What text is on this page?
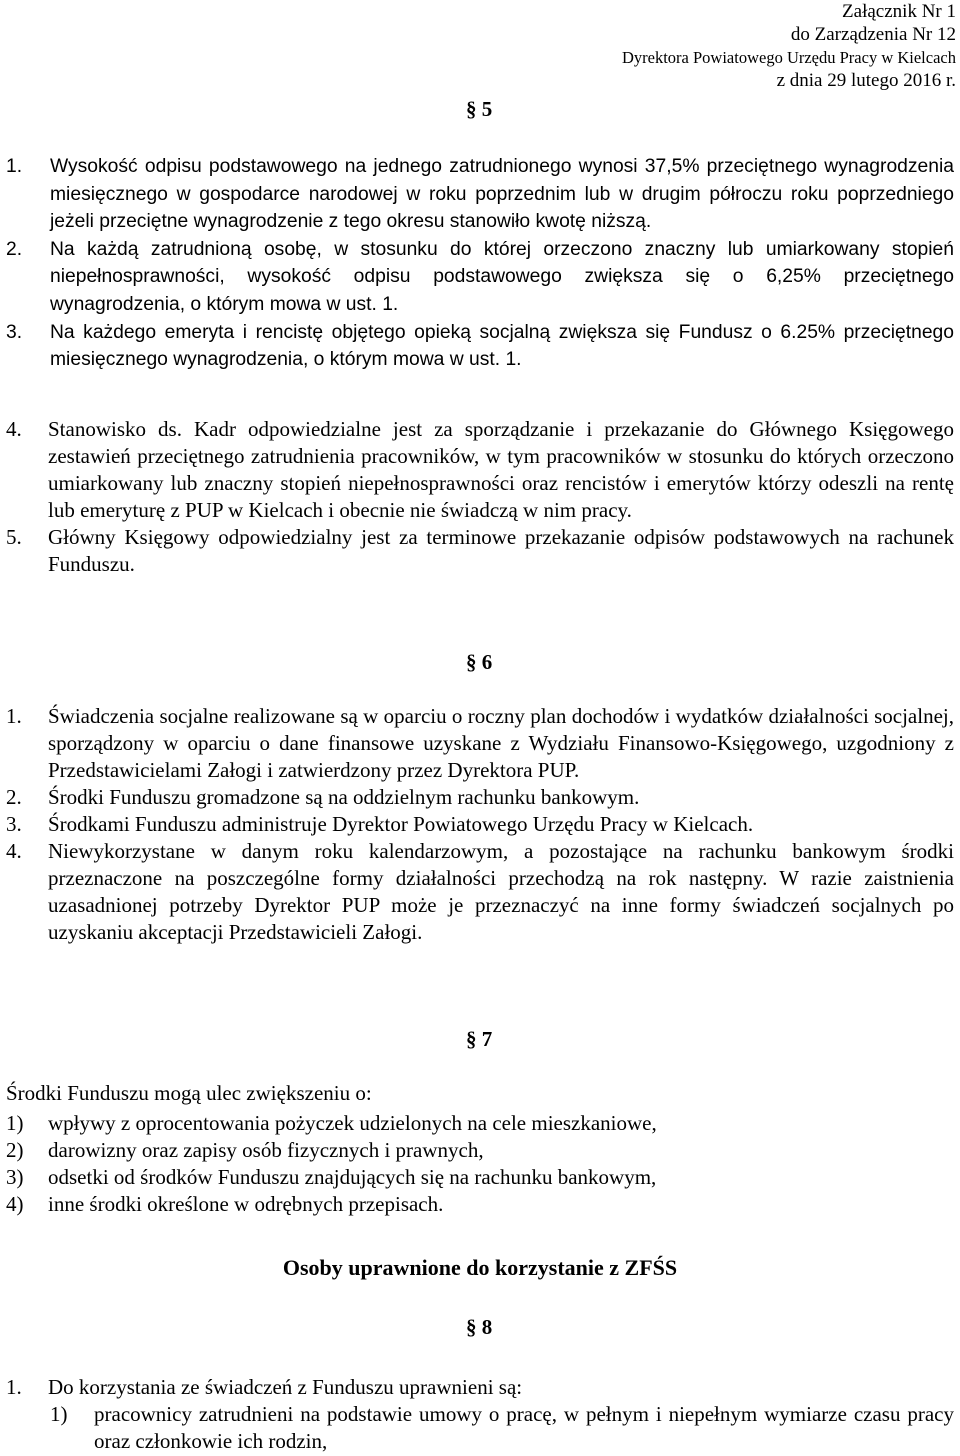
Załącznik Nr 1
do Zarządzenia Nr 12
Dyrektora Powiatowego Urzędu Pracy w Kielcach
z dnia 29 lutego 2016 r.
§ 5
1.	Wysokość odpisu podstawowego na jednego zatrudnionego wynosi 37,5% przeciętnego wynagrodzenia miesięcznego w gospodarce narodowej w roku poprzednim lub w drugim półroczu roku poprzedniego jeżeli przeciętne wynagrodzenie z tego okresu stanowiło kwotę niższą.
2.	Na każdą zatrudnioną osobę, w stosunku do której orzeczono znaczny lub umiarkowany stopień niepełnosprawności, wysokość odpisu podstawowego zwiększa się o 6,25% przeciętnego wynagrodzenia, o którym mowa w ust. 1.
3.	Na każdego emeryta i rencistę objętego opieką socjalną zwiększa się Fundusz o 6.25% przeciętnego miesięcznego wynagrodzenia, o którym mowa w ust. 1.
4.	Stanowisko ds. Kadr odpowiedzialne jest za sporządzanie i przekazanie do Głównego Księgowego zestawień przeciętnego zatrudnienia pracowników, w tym pracowników w stosunku do których orzeczono umiarkowany lub znaczny stopień niepełnosprawności oraz rencistów i emerytów którzy odeszli na rentę lub emeryturę z PUP w Kielcach i obecnie nie świadczą w nim pracy.
5.	Główny Księgowy odpowiedzialny jest za terminowe przekazanie odpisów podstawowych na rachunek Funduszu.
§ 6
1.	Świadczenia socjalne realizowane są w oparciu o roczny plan dochodów i wydatków działalności socjalnej, sporządzony w oparciu o dane finansowe uzyskane z Wydziału Finansowo-Księgowego, uzgodniony z Przedstawicielami Załogi i zatwierdzony przez Dyrektora PUP.
2.	Środki Funduszu gromadzone są na oddzielnym rachunku bankowym.
3.	Środkami Funduszu administruje Dyrektor Powiatowego Urzędu Pracy w Kielcach.
4.	Niewykorzystane w danym roku kalendarzowym, a pozostające na rachunku bankowym środki przeznaczone na poszczególne formy działalności przechodzą na rok następny. W razie zaistnienia uzasadnionej potrzeby Dyrektor PUP może je przeznaczyć na inne formy świadczeń socjalnych po uzyskaniu akceptacji Przedstawicieli Załogi.
§ 7
Środki Funduszu mogą ulec zwiększeniu o:
1)	wpływy z oprocentowania pożyczek udzielonych na cele mieszkaniowe,
2)	darowizny oraz zapisy osób fizycznych i prawnych,
3)	odsetki od środków Funduszu znajdujących się na rachunku bankowym,
4)	inne środki określone w odrębnych przepisach.
Osoby uprawnione do korzystanie z ZFŚS
§ 8
1.	Do korzystania ze świadczeń z Funduszu uprawnieni są:
1)	pracownicy zatrudnieni na podstawie umowy o pracę, w pełnym i niepełnym wymiarze czasu pracy oraz członkowie ich rodzin,
